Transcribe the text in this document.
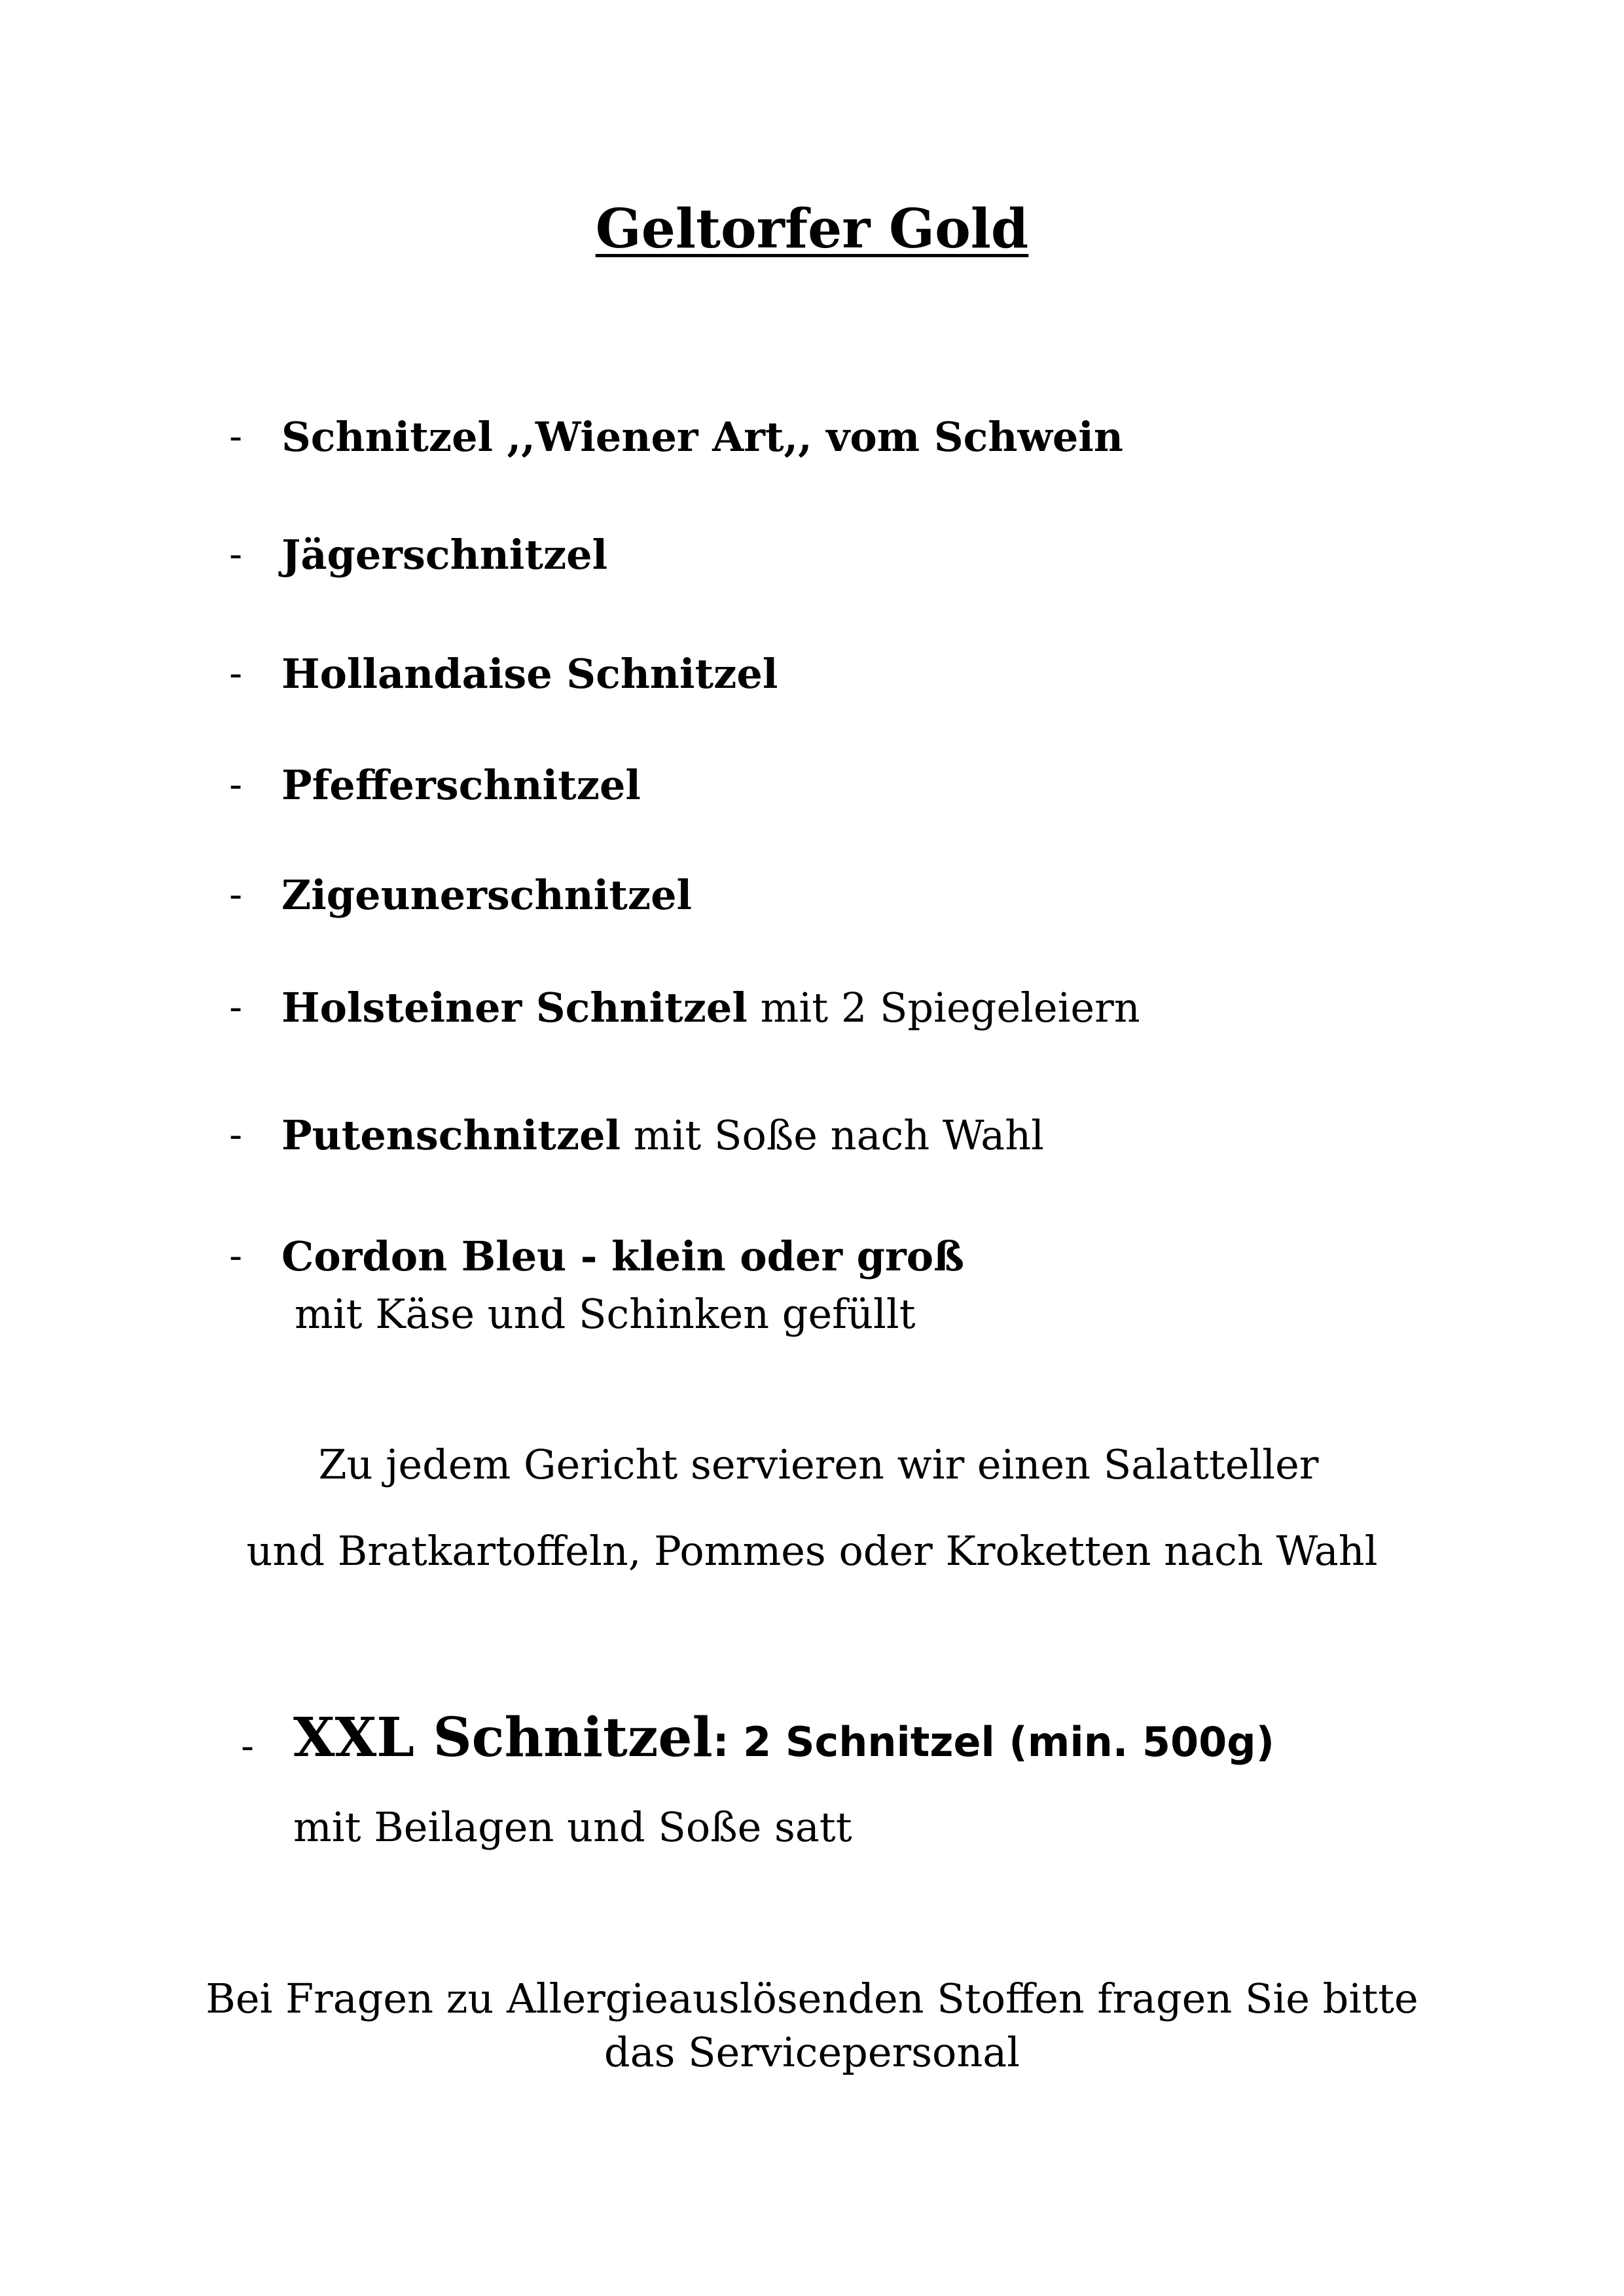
Geltorfer Gold
- Schnitzel ,,Wiener Art,, vom Schwein
- Jägerschnitzel
- Hollandaise Schnitzel
- Pfefferschnitzel
- Zigeunerschnitzel
- Holsteiner Schnitzel mit 2 Spiegeleiern
- Putenschnitzel mit Soße nach Wahl
- Cordon Bleu - klein oder groß
mit Käse und Schinken gefüllt
Zu jedem Gericht servieren wir einen Salatteller
und Bratkartoffeln, Pommes oder Kroketten nach Wahl
- XXL Schnitzel: 2 Schnitzel (min. 500g)
mit Beilagen und Soße satt
Bei Fragen zu Allergieauslösenden Stoffen fragen Sie bitte
das Servicepersonal
